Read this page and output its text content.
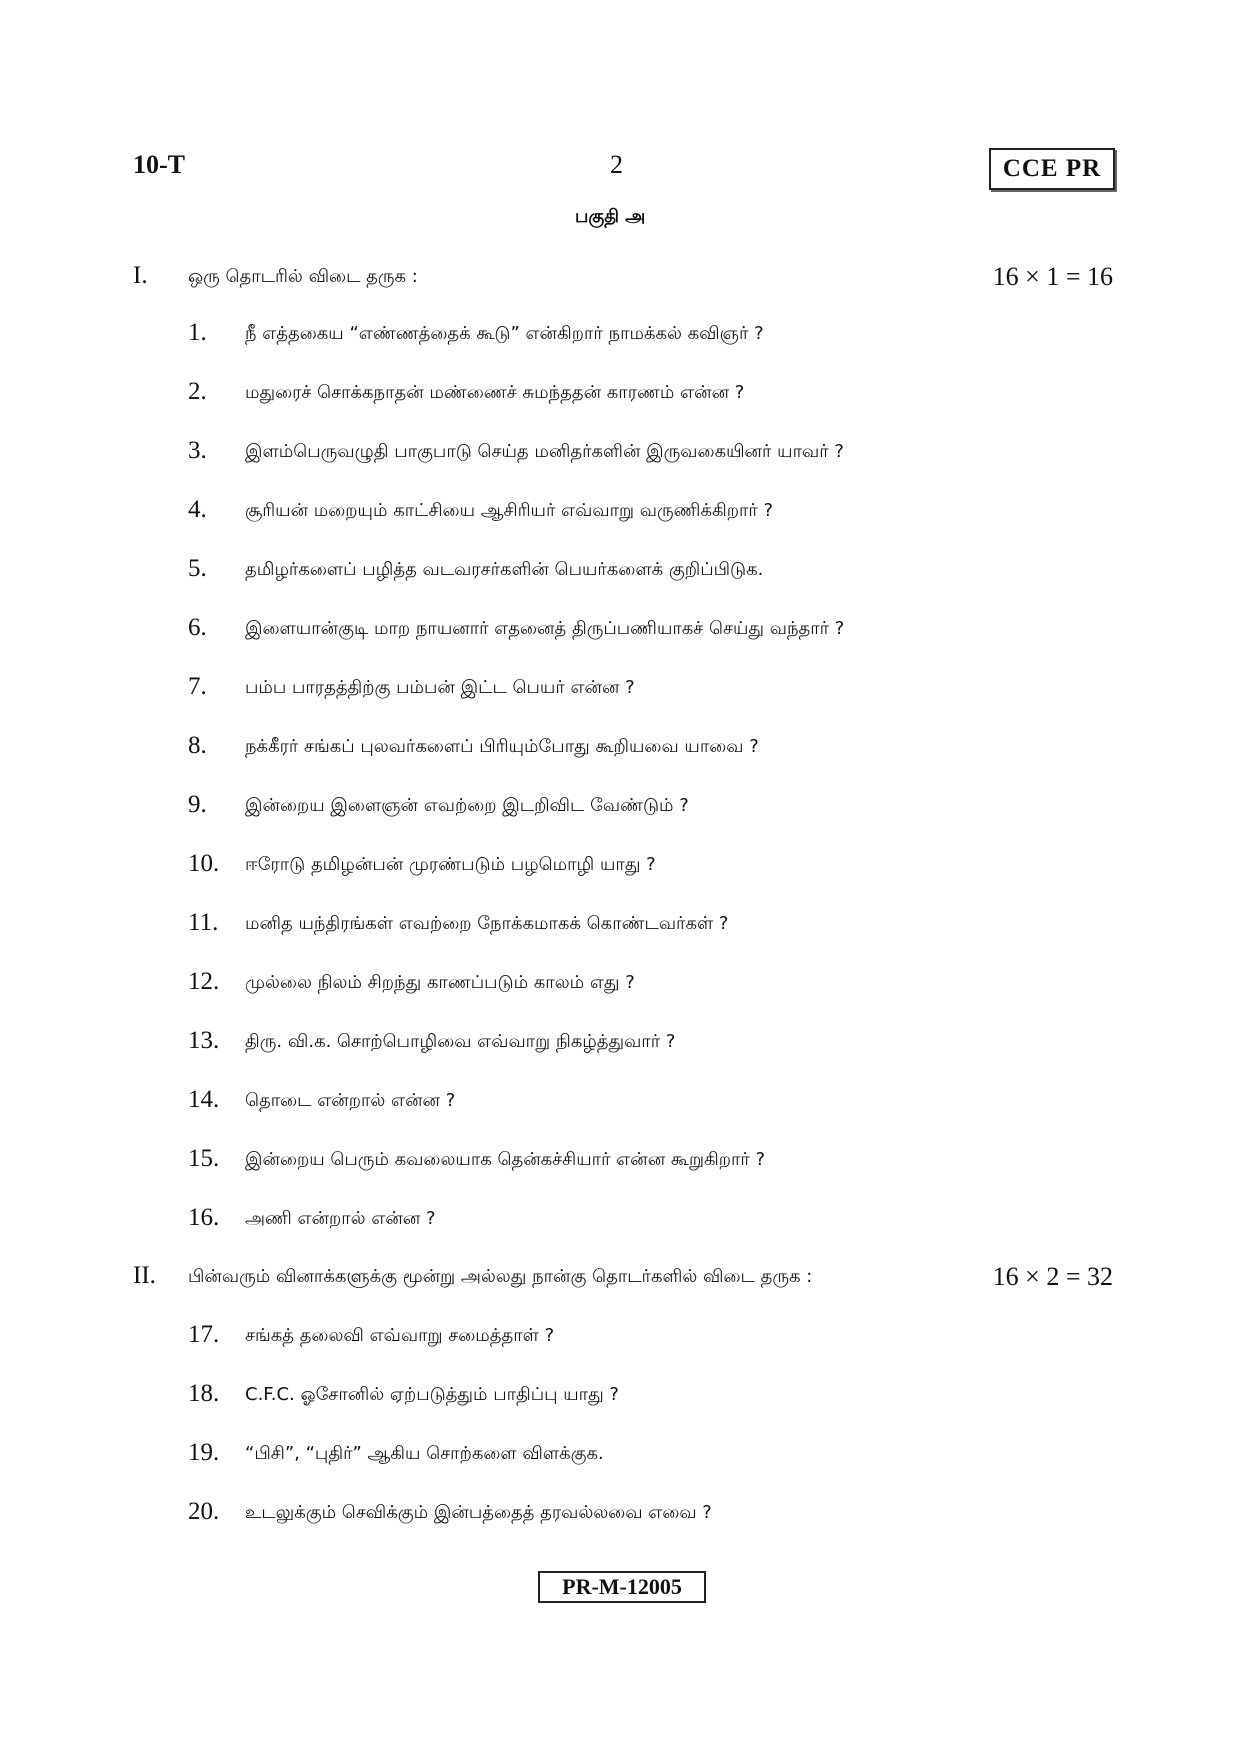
10-T	2	CCE PR
பகுதி அ
I. ஒரு தொடரில் விடை தருக :	16 × 1 = 16
1. நீ எத்தகைய “எண்ணத்தைக் கூடு” என்கிறார் நாமக்கல் கவிஞர் ?
2. மதுரைச் சொக்கநாதன் மண்ணைச் சுமந்ததன் காரணம் என்ன ?
3. இளம்பெருவழுதி பாகுபாடு செய்த மனிதர்களின் இருவகையினர் யாவர் ?
4. சூரியன் மறையும் காட்சியை ஆசிரியர் எவ்வாறு வருணிக்கிறார் ?
5. தமிழர்களைப் பழித்த வடவரசர்களின் பெயர்களைக் குறிப்பிடுக.
6. இளையான்குடி மாற நாயனார் எதனைத் திருப்பணியாகச் செய்து வந்தார் ?
7. பம்ப பாரதத்திற்கு பம்பன் இட்ட பெயர் என்ன ?
8. நக்கீரர் சங்கப் புலவர்களைப் பிரியும்போது கூறியவை யாவை ?
9. இன்றைய இளைஞன் எவற்றை இடறிவிட வேண்டும் ?
10. ஈரோடு தமிழன்பன் முரண்படும் பழமொழி யாது ?
11. மனித யந்திரங்கள் எவற்றை நோக்கமாகக் கொண்டவர்கள் ?
12. முல்லை நிலம் சிறந்து காணப்படும் காலம் எது ?
13. திரு. வி.க. சொற்பொழிவை எவ்வாறு நிகழ்த்துவார் ?
14. தொடை என்றால் என்ன ?
15. இன்றைய பெரும் கவலையாக தென்கச்சியார் என்ன கூறுகிறார் ?
16. அணி என்றால் என்ன ?
II. பின்வரும் வினாக்களுக்கு மூன்று அல்லது நான்கு தொடர்களில் விடை தருக :	16 × 2 = 32
17. சங்கத் தலைவி எவ்வாறு சமைத்தாள் ?
18. C.F.C. ஓசோனில் ஏற்படுத்தும் பாதிப்பு யாது ?
19. “பிசி”, “புதிர்” ஆகிய சொற்களை விளக்குக.
20. உடலுக்கும் செவிக்கும் இன்பத்தைத் தரவல்லவை எவை ?
PR-M-12005
